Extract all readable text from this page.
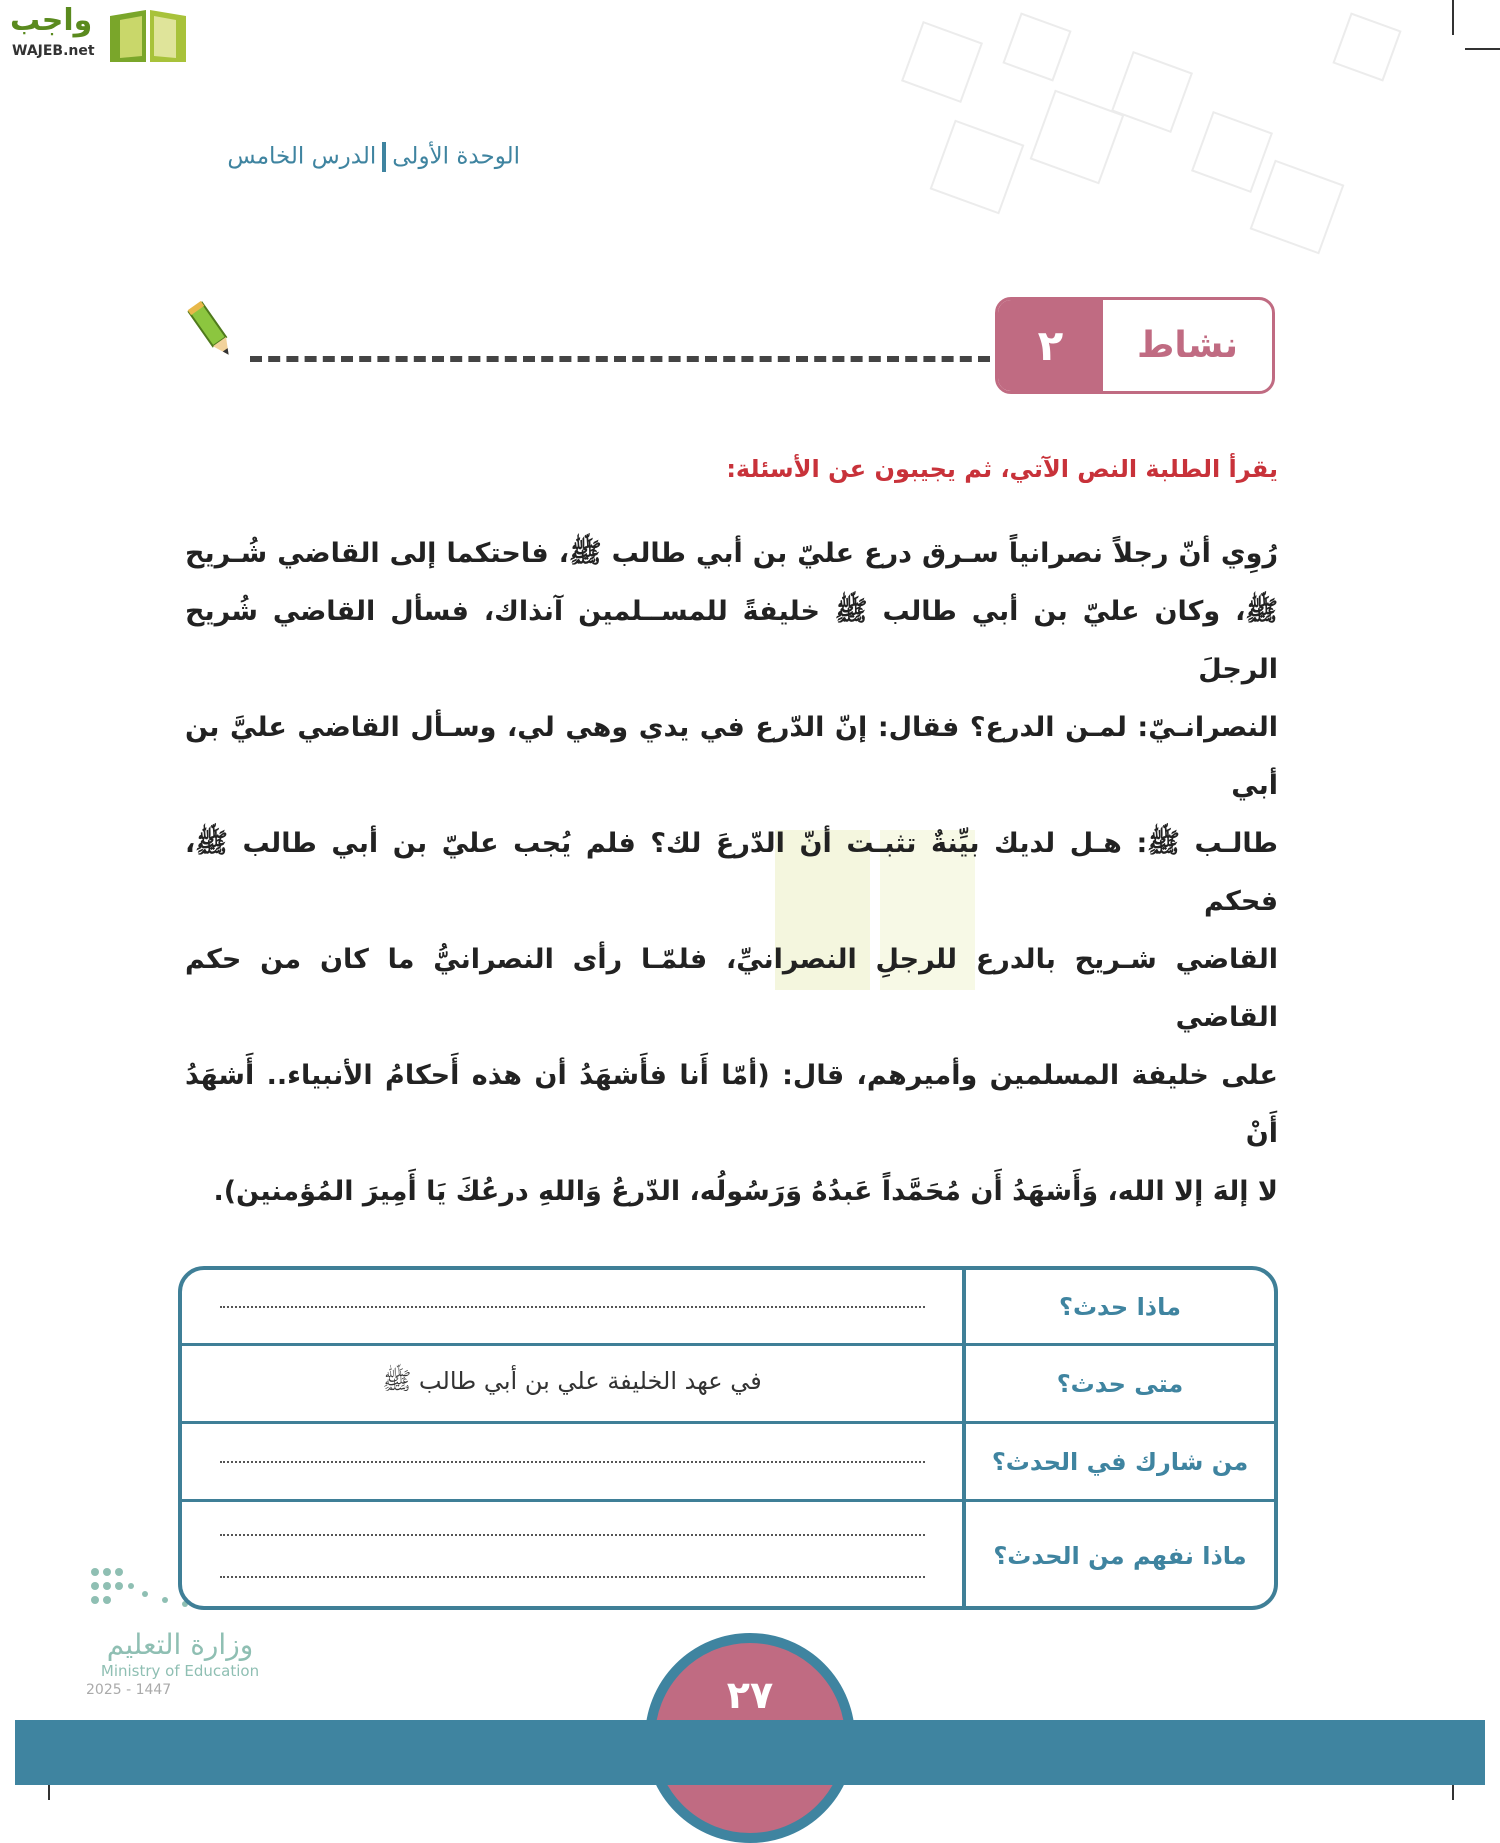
واجب
WAJEB.net
الوحدة الأولىالدرس الخامس
٢	نشاط
يقرأ الطلبة النص الآتي، ثم يجيبون عن الأسئلة:
رُوِي أنّ رجلاً نصرانياً سـرق درع عليّ بن أبي طالب ﷺ، فاحتكما إلى القاضي شُـريح
ﷺ، وكان عليّ بن أبي طالب ﷺ خليفةً للمســلمين آنذاك، فسأل القاضي شُريح الرجلَ
النصرانـيّ: لمـن الدرع؟ فقال: إنّ الدّرع في يدي وهي لي، وسـأل القاضي عليَّ بن أبي
طالـب ﷺ: هـل لديك بيِّنةٌ تثبـت أنّ الدّرعَ لك؟ فلم يُجب عليّ بن أبي طالب ﷺ، فحكم
القاضي شـريح بالدرع للرجلِ النصرانيِّ، فلمّـا رأى النصرانيُّ ما كان من حكم القاضي
على خليفة المسلمين وأميرهم، قال: (أمّا أَنا فأَشهَدُ أن هذه أَحكامُ الأنبياء.. أَشهَدُ أَنْ
لا إلهَ إلا الله، وَأَشهَدُ أَن مُحَمَّداً عَبدُهُ وَرَسُولُه، الدّرعُ وَاللهِ درعُكَ يَا أَمِيرَ المُؤمنين).
ماذا حدث؟
متى حدث؟
في عهد الخليفة علي بن أبي طالب ﷺ
من شارك في الحدث؟
ماذا نفهم من الحدث؟
وزارة التعليم
Ministry of Education
2025 - 1447	٢٧
